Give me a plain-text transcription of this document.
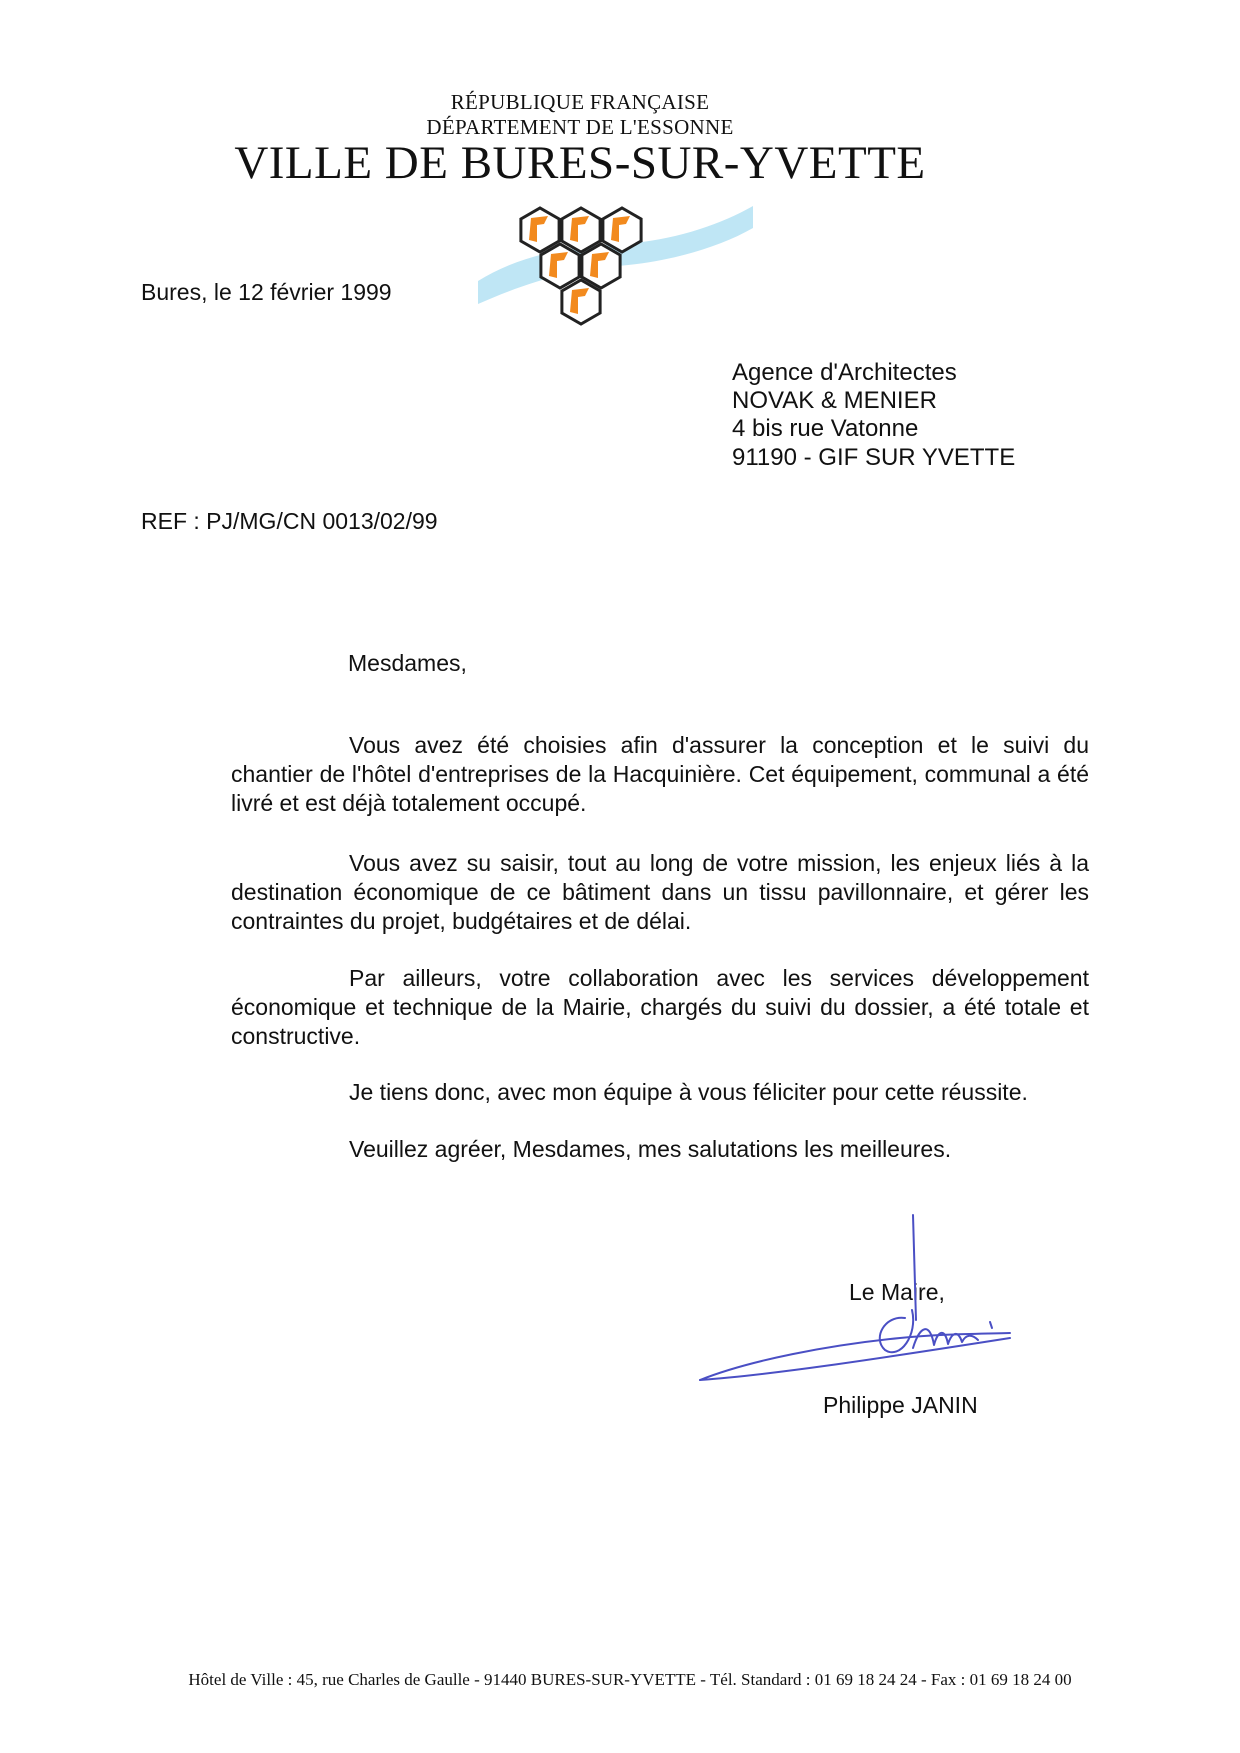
RÉPUBLIQUE FRANÇAISE
DÉPARTEMENT DE L'ESSONNE
VILLE DE BURES-SUR-YVETTE
Bures, le 12 février 1999
Agence d'Architectes
NOVAK & MENIER
4 bis rue Vatonne
91190 - GIF SUR YVETTE
REF : PJ/MG/CN 0013/02/99
Mesdames,
Vous avez été choisies afin d'assurer la conception et le suivi du chantier de l'hôtel d'entreprises de la Hacquinière. Cet équipement, communal a été livré et est déjà totalement occupé.
Vous avez su saisir, tout au long de votre mission, les enjeux liés à la destination économique de ce bâtiment dans un tissu pavillonnaire, et gérer les contraintes du projet, budgétaires et de délai.
Par ailleurs, votre collaboration avec les services développement économique et technique de la Mairie, chargés du suivi du dossier, a été totale et constructive.
Je tiens donc, avec mon équipe à vous féliciter pour cette réussite.
Veuillez agréer, Mesdames, mes salutations les meilleures.
Le Maire,
Philippe JANIN
Hôtel de Ville : 45, rue Charles de Gaulle - 91440 BURES-SUR-YVETTE - Tél. Standard : 01 69 18 24 24 - Fax : 01 69 18 24 00
